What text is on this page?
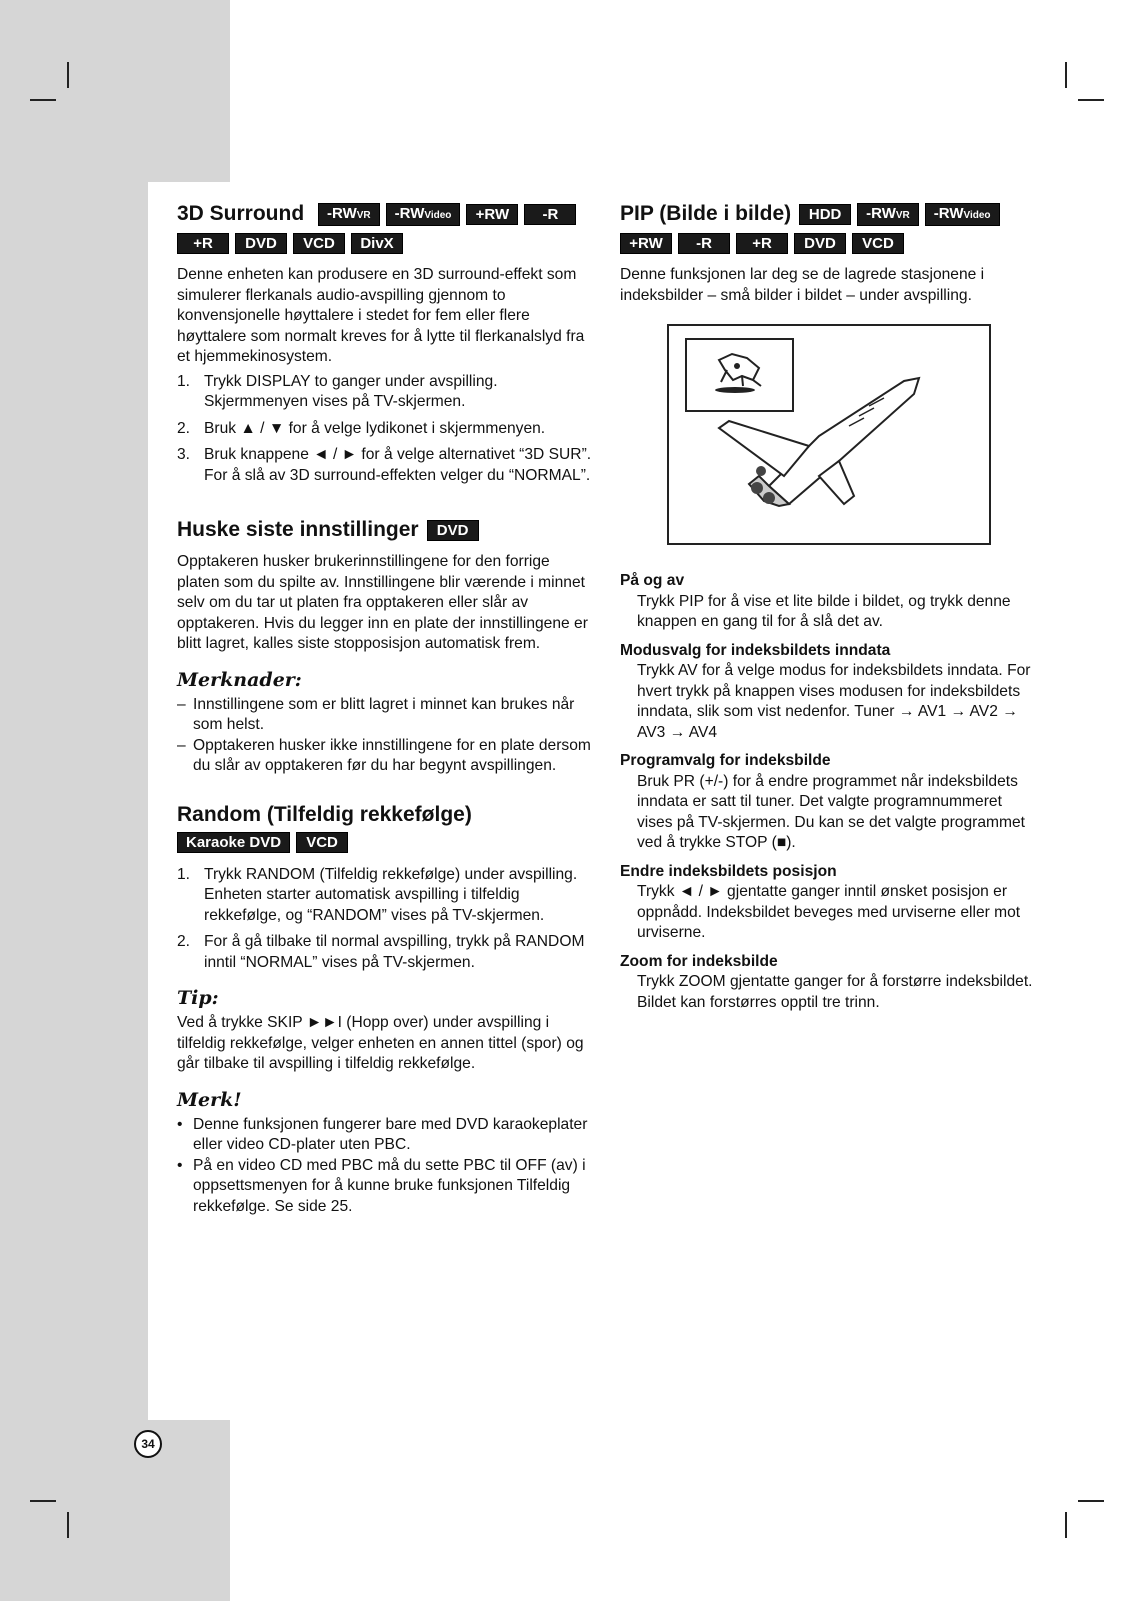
3D Surround -RWVR -RWVideo +RW -R
+R DVD VCD DivX

Denne enheten kan produsere en 3D surround-effekt som simulerer flerkanals audio-avspilling gjennom to konvensjonelle høyttalere i stedet for fem eller flere høyttalere som normalt kreves for å lytte til flerkanalslyd fra et hjemmekinosystem.

1. Trykk DISPLAY to ganger under avspilling.
Skjermmenyen vises på TV-skjermen.
2. Bruk ▲ / ▼ for å velge lydikonet i skjermmenyen.
3. Bruk knappene ◄ / ► for å velge alternativet “3D SUR”.
For å slå av 3D surround-effekten velger du “NORMAL”.
Huske siste innstillinger DVD

Opptakeren husker brukerinnstillingene for den forrige platen som du spilte av. Innstillingene blir værende i minnet selv om du tar ut platen fra opptakeren eller slår av opptakeren. Hvis du legger inn en plate der innstillingene er blitt lagret, kalles siste stopposisjon automatisk frem.

Merknader:
– Innstillingene som er blitt lagret i minnet kan brukes når som helst.
– Opptakeren husker ikke innstillingene for en plate dersom du slår av opptakeren før du har begynt avspillingen.
Random (Tilfeldig rekkefølge)
Karaoke DVD VCD
1. Trykk RANDOM (Tilfeldig rekkefølge) under avspilling.
Enheten starter automatisk avspilling i tilfeldig rekkefølge, og “RANDOM” vises på TV-skjermen.
2. For å gå tilbake til normal avspilling, trykk på RANDOM inntil “NORMAL” vises på TV-skjermen.
Tip:

Ved å trykke SKIP ►►I (Hopp over) under avspilling i tilfeldig rekkefølge, velger enheten en annen tittel (spor) og går tilbake til avspilling i tilfeldig rekkefølge.

Merk!
• Denne funksjonen fungerer bare med DVD karaokeplater eller video CD-plater uten PBC.
• På en video CD med PBC må du sette PBC til OFF (av) i oppsettsmenyen for å kunne bruke funksjonen Tilfeldig rekkefølge. Se side 25.
PIP (Bilde i bilde) HDD -RWVR -RWVideo
+RW -R	+R DVD VCD

Denne funksjonen lar deg se de lagrede stasjonene i indeksbilder – små bilder i bildet – under avspilling.

På og av
Trykk PIP for å vise et lite bilde i bildet, og trykk denne knappen en gang til for å slå det av.
Modusvalg for indeksbildets inndata
Trykk AV for å velge modus for indeksbildets inndata. For hvert trykk på knappen vises modusen for indeksbildets inndata, slik som vist nedenfor. Tuner → AV1 → AV2 → AV3 → AV4
Programvalg for indeksbilde
Bruk PR (+/-) for å endre programmet når indeksbildets inndata er satt til tuner. Det valgte programnummeret vises på TV-skjermen. Du kan se det valgte programmet ved å trykke STOP (■).
Endre indeksbildets posisjon
Trykk ◄ / ► gjentatte ganger inntil ønsket posisjon er oppnådd. Indeksbildet beveges med urviserne eller mot urviserne.
Zoom for indeksbilde
Trykk ZOOM gjentatte ganger for å forstørre indeksbildet. Bildet kan forstørres opptil tre trinn.
34
